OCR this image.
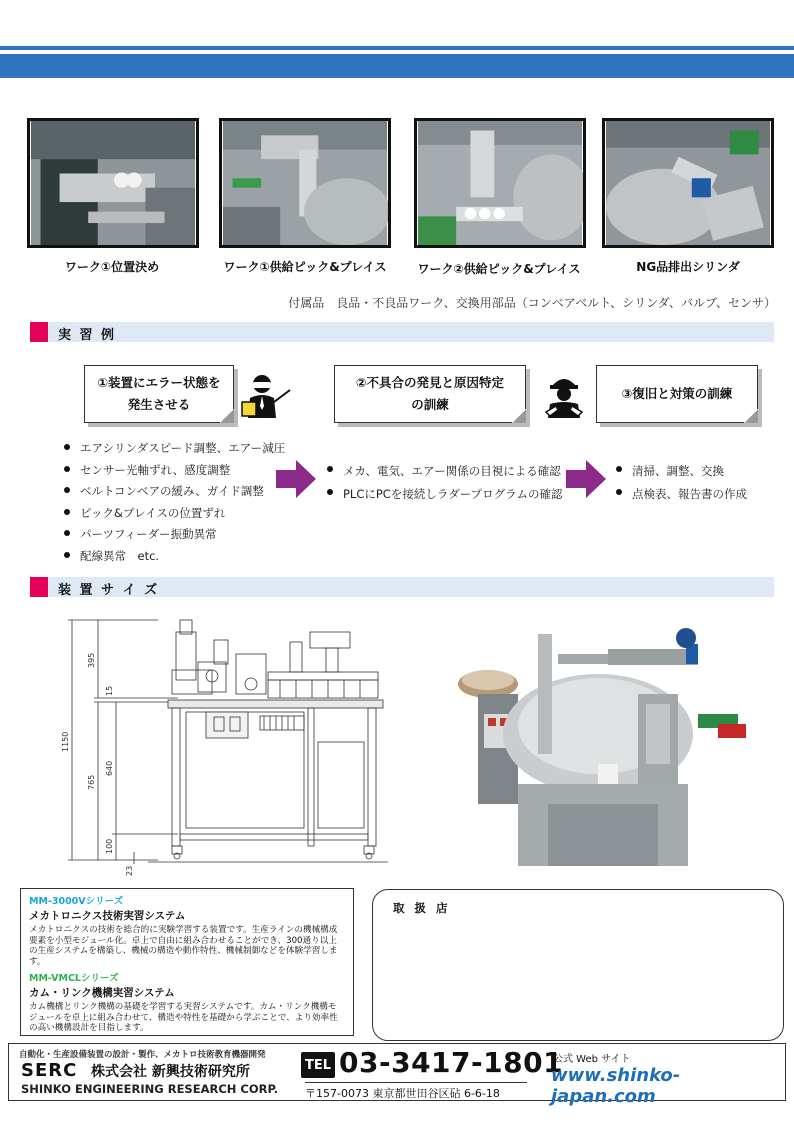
ワーク①位置決め	ワーク①供給ピック&プレイス	ワーク②供給ピック&プレイス	NG品排出シリンダ
付属品　良品・不良品ワーク、交換用部品（コンベアベルト、シリンダ、バルブ、センサ）
実 習 例
①装置にエラー状態を
発生させる
②不具合の発見と原因特定
の訓練
③復旧と対策の訓練
エアシリンダスピード調整、エアー減圧
センサー光軸ずれ、感度調整
ベルトコンベアの緩み、ガイド調整
ピック&プレイスの位置ずれ
パーツフィーダー振動異常
配線異常　etc.
メカ、電気、エアー関係の目視による確認
PLCにPCを接続しラダープログラムの確認
清掃、調整、交換
点検表、報告書の作成
装 置 サ イ ズ
1150
395
15
765
640
100
23
MM-3000Vシリーズ
メカトロニクス技術実習システム
メカトロニクスの技術を総合的に実験学習する装置です。生産ラインの機械構成要素を小型モジュール化。卓上で自由に組み合わせることができ、300通り以上の生産システムを構築し、機械の構造や動作特性、機械制御などを体験学習します。
MM-VMCLシリーズ
カム・リンク機構実習システム
カム機構とリンク機構の基礎を学習する実習システムです。カム・リンク機構モジュールを卓上に組み合わせて、構造や特性を基礎から学ぶことで、より効率性の高い機構設計を目指します。
取 扱 店
自動化・生産設備装置の設計・製作、メカトロ技術教育機器開発
SERC 株式会社 新興技術研究所
SHINKO ENGINEERING RESEARCH CORP.
TEL 03-3417-1801
〒157-0073 東京都世田谷区砧 6-6-18
公式 Web サイト
www.shinko-japan.com
